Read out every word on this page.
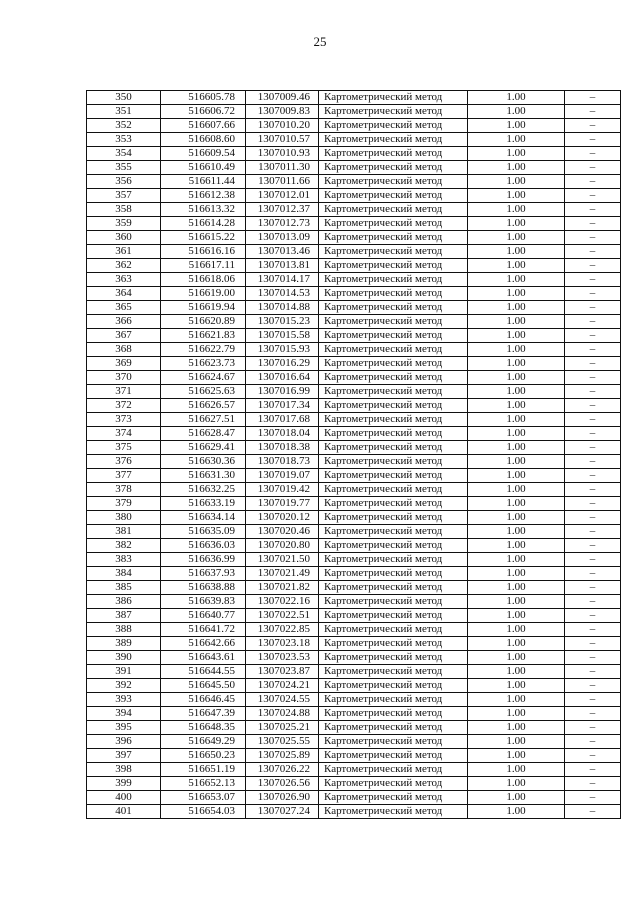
25
350	516605.78	1307009.46	Картометрический метод	1.00	–
351	516606.72	1307009.83	Картометрический метод	1.00	–
352	516607.66	1307010.20	Картометрический метод	1.00	–
353	516608.60	1307010.57	Картометрический метод	1.00	–
354	516609.54	1307010.93	Картометрический метод	1.00	–
355	516610.49	1307011.30	Картометрический метод	1.00	–
356	516611.44	1307011.66	Картометрический метод	1.00	–
357	516612.38	1307012.01	Картометрический метод	1.00	–
358	516613.32	1307012.37	Картометрический метод	1.00	–
359	516614.28	1307012.73	Картометрический метод	1.00	–
360	516615.22	1307013.09	Картометрический метод	1.00	–
361	516616.16	1307013.46	Картометрический метод	1.00	–
362	516617.11	1307013.81	Картометрический метод	1.00	–
363	516618.06	1307014.17	Картометрический метод	1.00	–
364	516619.00	1307014.53	Картометрический метод	1.00	–
365	516619.94	1307014.88	Картометрический метод	1.00	–
366	516620.89	1307015.23	Картометрический метод	1.00	–
367	516621.83	1307015.58	Картометрический метод	1.00	–
368	516622.79	1307015.93	Картометрический метод	1.00	–
369	516623.73	1307016.29	Картометрический метод	1.00	–
370	516624.67	1307016.64	Картометрический метод	1.00	–
371	516625.63	1307016.99	Картометрический метод	1.00	–
372	516626.57	1307017.34	Картометрический метод	1.00	–
373	516627.51	1307017.68	Картометрический метод	1.00	–
374	516628.47	1307018.04	Картометрический метод	1.00	–
375	516629.41	1307018.38	Картометрический метод	1.00	–
376	516630.36	1307018.73	Картометрический метод	1.00	–
377	516631.30	1307019.07	Картометрический метод	1.00	–
378	516632.25	1307019.42	Картометрический метод	1.00	–
379	516633.19	1307019.77	Картометрический метод	1.00	–
380	516634.14	1307020.12	Картометрический метод	1.00	–
381	516635.09	1307020.46	Картометрический метод	1.00	–
382	516636.03	1307020.80	Картометрический метод	1.00	–
383	516636.99	1307021.50	Картометрический метод	1.00	–
384	516637.93	1307021.49	Картометрический метод	1.00	–
385	516638.88	1307021.82	Картометрический метод	1.00	–
386	516639.83	1307022.16	Картометрический метод	1.00	–
387	516640.77	1307022.51	Картометрический метод	1.00	–
388	516641.72	1307022.85	Картометрический метод	1.00	–
389	516642.66	1307023.18	Картометрический метод	1.00	–
390	516643.61	1307023.53	Картометрический метод	1.00	–
391	516644.55	1307023.87	Картометрический метод	1.00	–
392	516645.50	1307024.21	Картометрический метод	1.00	–
393	516646.45	1307024.55	Картометрический метод	1.00	–
394	516647.39	1307024.88	Картометрический метод	1.00	–
395	516648.35	1307025.21	Картометрический метод	1.00	–
396	516649.29	1307025.55	Картометрический метод	1.00	–
397	516650.23	1307025.89	Картометрический метод	1.00	–
398	516651.19	1307026.22	Картометрический метод	1.00	–
399	516652.13	1307026.56	Картометрический метод	1.00	–
400	516653.07	1307026.90	Картометрический метод	1.00	–
401	516654.03	1307027.24	Картометрический метод	1.00	–
